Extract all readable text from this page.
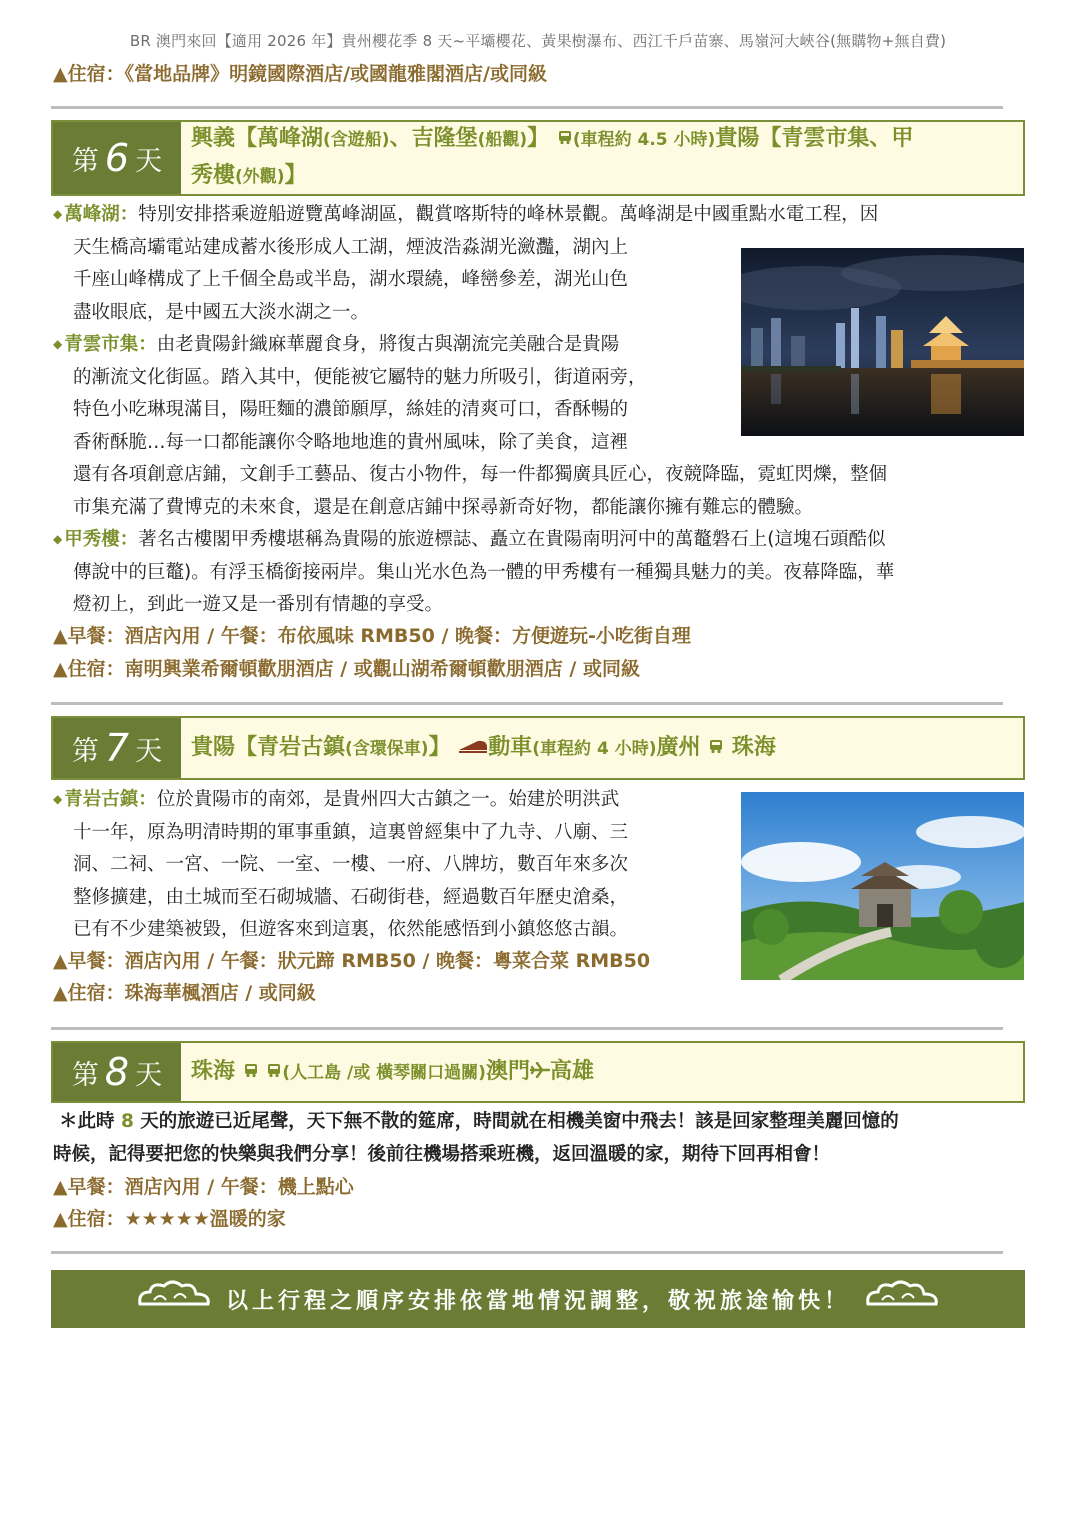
BR 澳門來回【適用 2026 年】貴州櫻花季 8 天~平壩櫻花、黃果樹瀑布、西江千戶苗寨、馬嶺河大峽谷(無購物+無自費)
▲住宿：《當地品牌》明鏡國際酒店/或國龍雅閣酒店/或同級
第 6 天
興義【萬峰湖(含遊船)、吉隆堡(船觀)】 (車程約 4.5 小時)貴陽【青雲市集、甲
秀樓(外觀)】
◆ 萬峰湖：特別安排搭乘遊船遊覽萬峰湖區，觀賞喀斯特的峰林景觀。萬峰湖是中國重點水電工程，因
天生橋高壩電站建成蓄水後形成人工湖，煙波浩淼湖光瀲灩，湖內上
千座山峰構成了上千個全島或半島，湖水環繞，峰巒參差，湖光山色
盡收眼底，是中國五大淡水湖之一。
◆ 青雲市集：由老貴陽針織麻華麗食身，將復古與潮流完美融合是貴陽
的漸流文化街區。踏入其中，便能被它屬特的魅力所吸引，街道兩旁，
特色小吃琳現滿目，陽旺麵的濃節願厚，絲娃的清爽可口，香酥暢的
香術酥脆…每一口都能讓你令略地地進的貴州風味，除了美食，這裡
還有各項創意店鋪，文創手工藝品、復古小物件，每一件都獨廣具匠心，夜競降臨，霓虹閃爍，整個
市集充滿了費博克的未來食，還是在創意店鋪中探尋新奇好物，都能讓你擁有難忘的體驗。
◆ 甲秀樓：著名古樓閣甲秀樓堪稱為貴陽的旅遊標誌、矗立在貴陽南明河中的萬鼇磐石上(這塊石頭酷似
傳說中的巨鼇)。有浮玉橋銜接兩岸。集山光水色為一體的甲秀樓有一種獨具魅力的美。夜幕降臨，華
燈初上，到此一遊又是一番別有情趣的享受。
▲早餐：酒店內用 / 午餐：布依風味 RMB50 / 晚餐：方便遊玩-小吃街自理
▲住宿：南明興業希爾頓歡朋酒店 / 或觀山湖希爾頓歡朋酒店 / 或同級
第 7 天 貴陽【青岩古鎮(含環保車)】 動車(車程約 4 小時)廣州 珠海
◆ 青岩古鎮：位於貴陽市的南郊，是貴州四大古鎮之一。始建於明洪武
十一年，原為明清時期的軍事重鎮，這裏曾經集中了九寺、八廟、三
洞、二祠、一宮、一院、一室、一樓、一府、八牌坊，數百年來多次
整修擴建，由土城而至石砌城牆、石砌街巷，經過數百年歷史滄桑，
已有不少建築被毀，但遊客來到這裏，依然能感悟到小鎮悠悠古韻。
▲早餐：酒店內用 / 午餐：狀元蹄 RMB50 / 晚餐：粵菜合菜 RMB50
▲住宿：珠海華楓酒店 / 或同級
第 8 天 珠海	(人工島 /或 橫琴關口過關)澳門 高雄
＊此時 8 天的旅遊已近尾聲，天下無不散的筵席，時間就在相機美窗中飛去！該是回家整理美麗回憶的
時候，記得要把您的快樂與我們分享！後前往機場搭乘班機，返回溫暖的家，期待下回再相會！
▲早餐：酒店內用 / 午餐：機上點心
▲住宿：★★★★★溫暖的家
以上行程之順序安排依當地情況調整，敬祝旅途愉快！
